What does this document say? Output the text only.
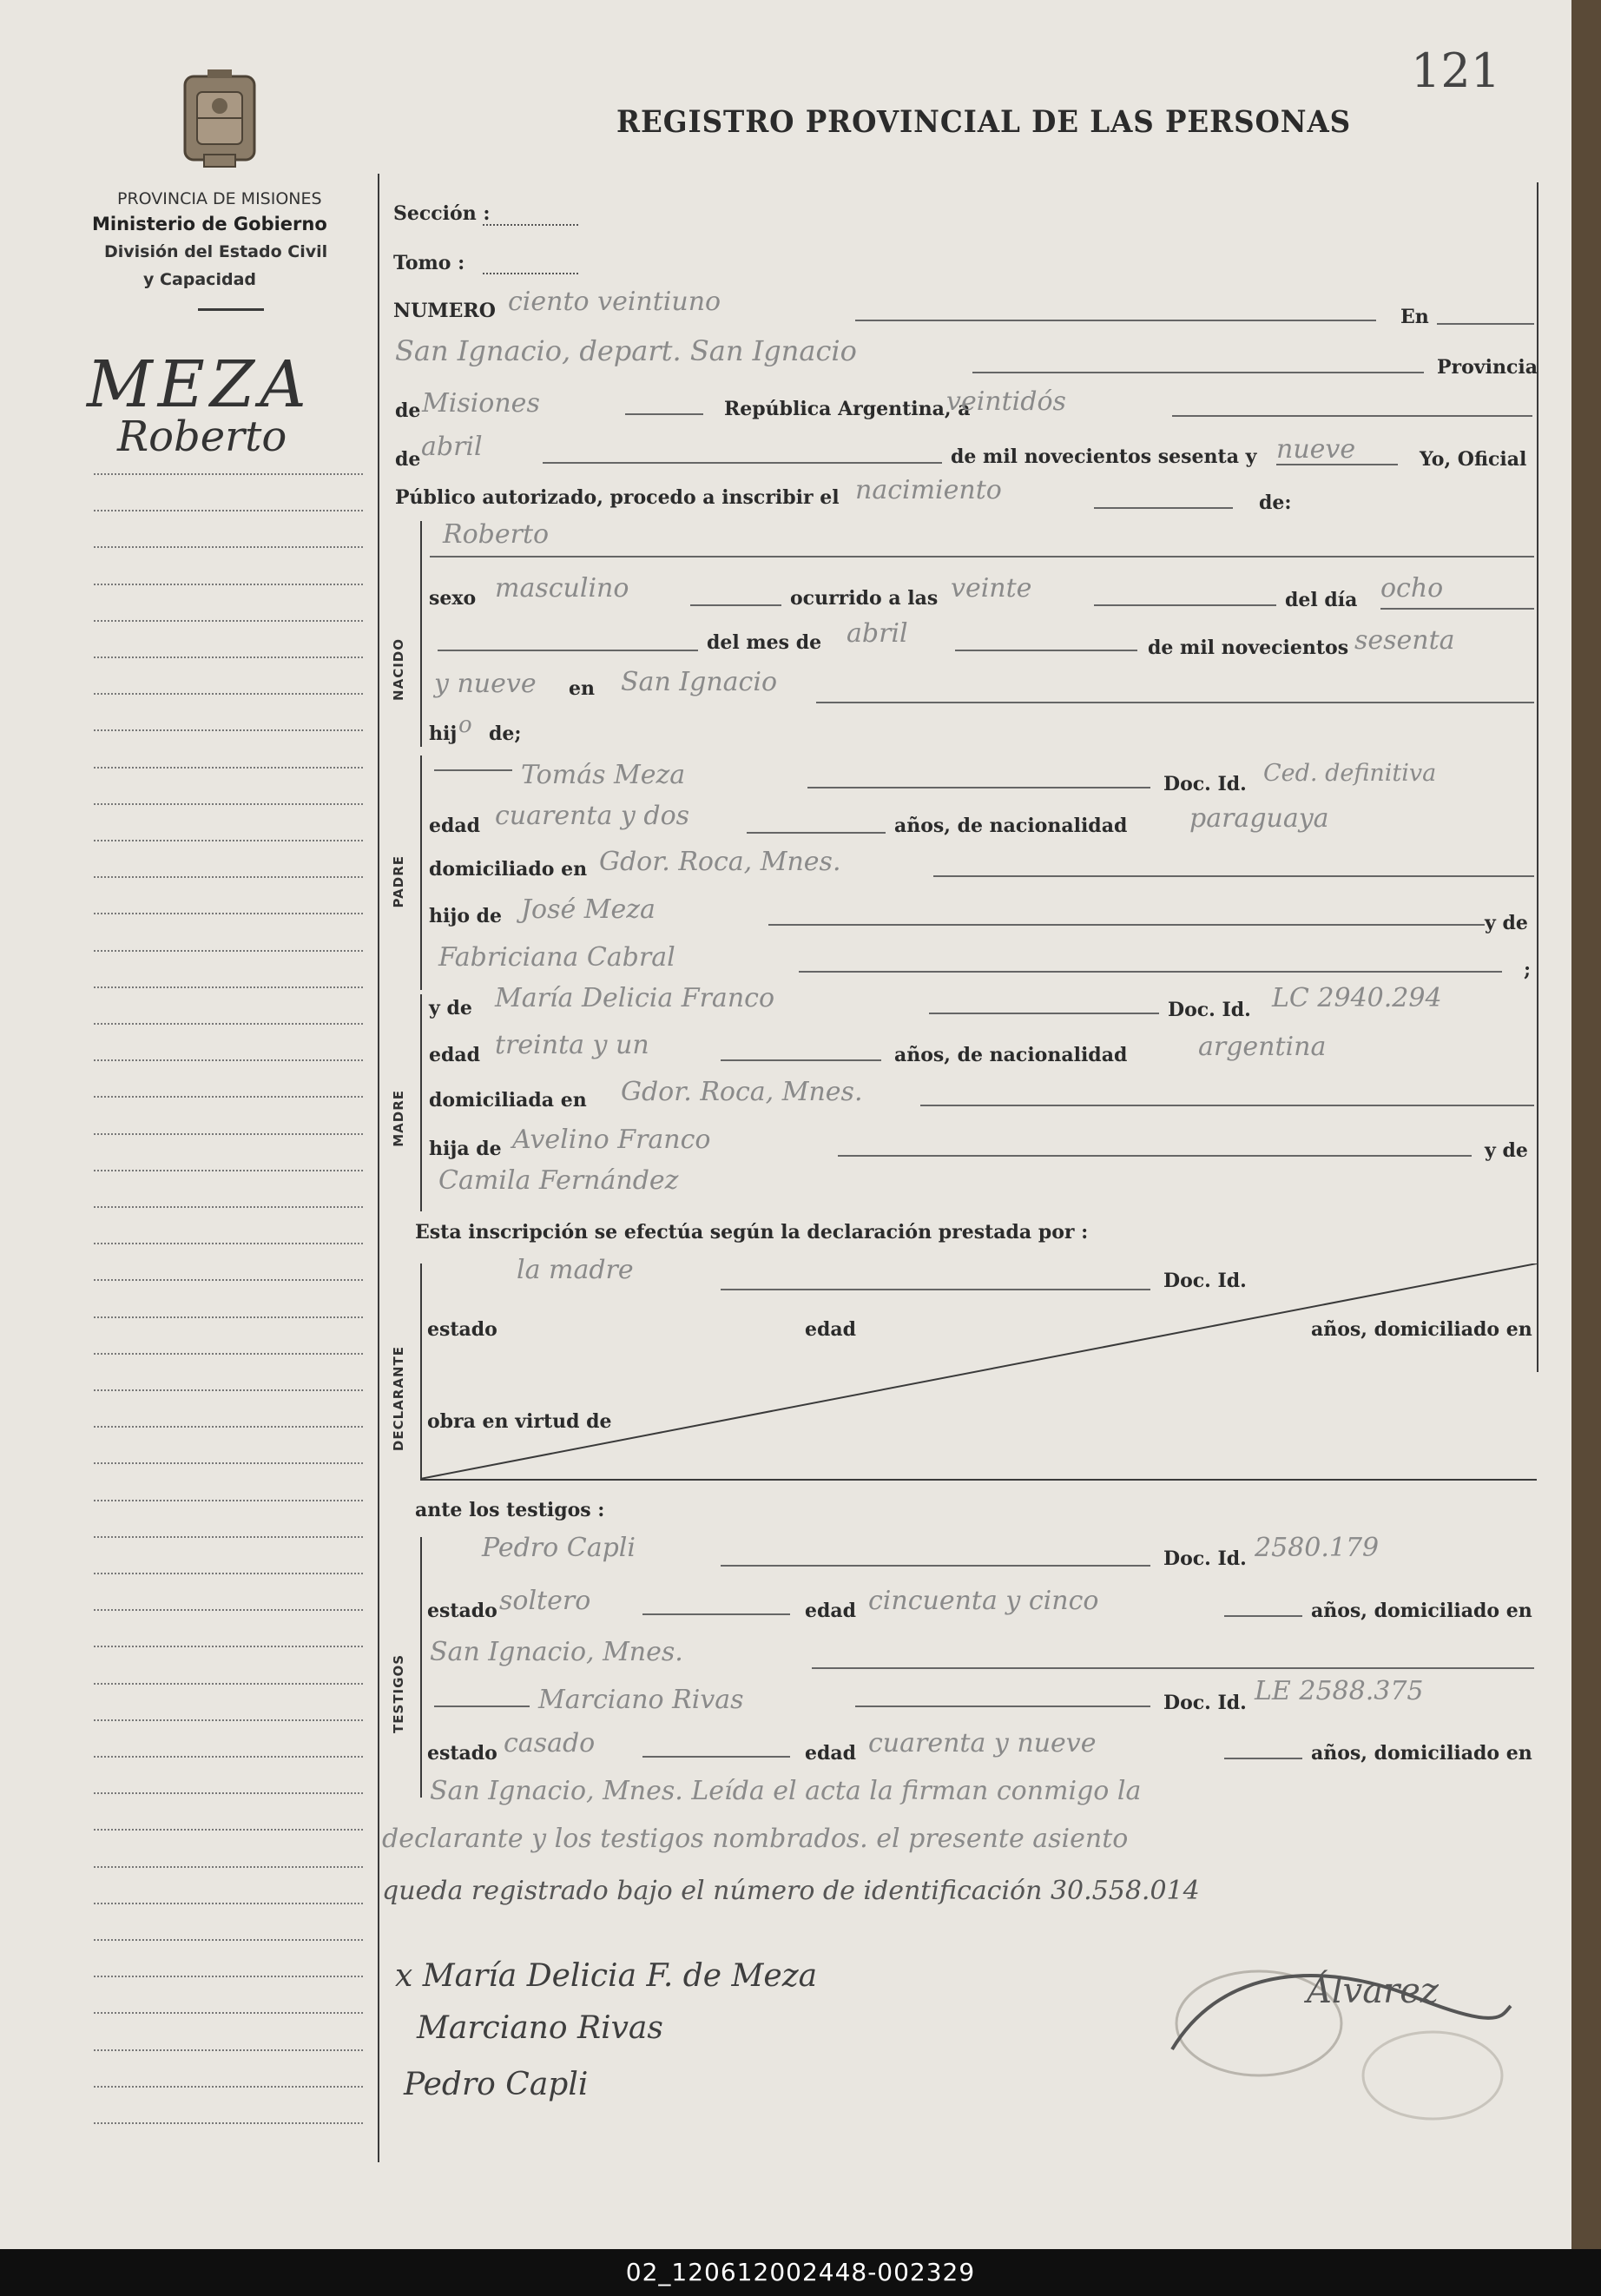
121
REGISTRO PROVINCIAL DE LAS PERSONAS
PROVINCIA DE MISIONES
Ministerio de Gobierno
División del Estado Civil
y Capacidad
MEZA
Roberto
Sección :
Tomo :
NUMERO ciento veintiuno	En
San Ignacio, depart. San Ignacio	Provincia
de Misiones	República Argentina, a
veintidós
de abril	de mil novecientos sesenta y nueve	Yo, Oficial
Público autorizado, procedo a inscribir el nacimiento	de:
NACIDO
Roberto
sexo masculino	ocurrido a las veinte	del día ocho
del mes de abril	de mil novecientos sesenta
y nueve en San Ignacio
hij o de;
PADRE
Tomás Meza	Doc. Id. Ced. definitiva
edad cuarenta y dos	años, de nacionalidad paraguaya
domiciliado en Gdor. Roca, Mnes.
hijo de José Meza	y de
Fabriciana Cabral	;
MADRE
y de María Delicia Franco	Doc. Id. LC 2940.294
edad treinta y un	años, de nacionalidad	argentina
domiciliada en Gdor. Roca, Mnes.
hija de Avelino Franco	y de
Camila Fernández
Esta inscripción se efectúa según la declaración prestada por :
DECLARANTE
la madre	Doc. Id.
estado	edad	años, domiciliado en
obra en virtud de
ante los testigos :
TESTIGOS
Pedro Capli	Doc. Id. 2580.179
estado soltero	edad cincuenta y cinco	años, domiciliado en
San Ignacio, Mnes.
Marciano Rivas	Doc. Id. LE 2588.375
estado casado	edad cuarenta y nueve	años, domiciliado en
San Ignacio, Mnes. Leída el acta la firman conmigo la
declarante y los testigos nombrados. el presente asiento
queda registrado bajo el número de identificación 30.558.014
x María Delicia F. de Meza
Marciano Rivas
Pedro Capli
Álvarez
02_120612002448-002329
